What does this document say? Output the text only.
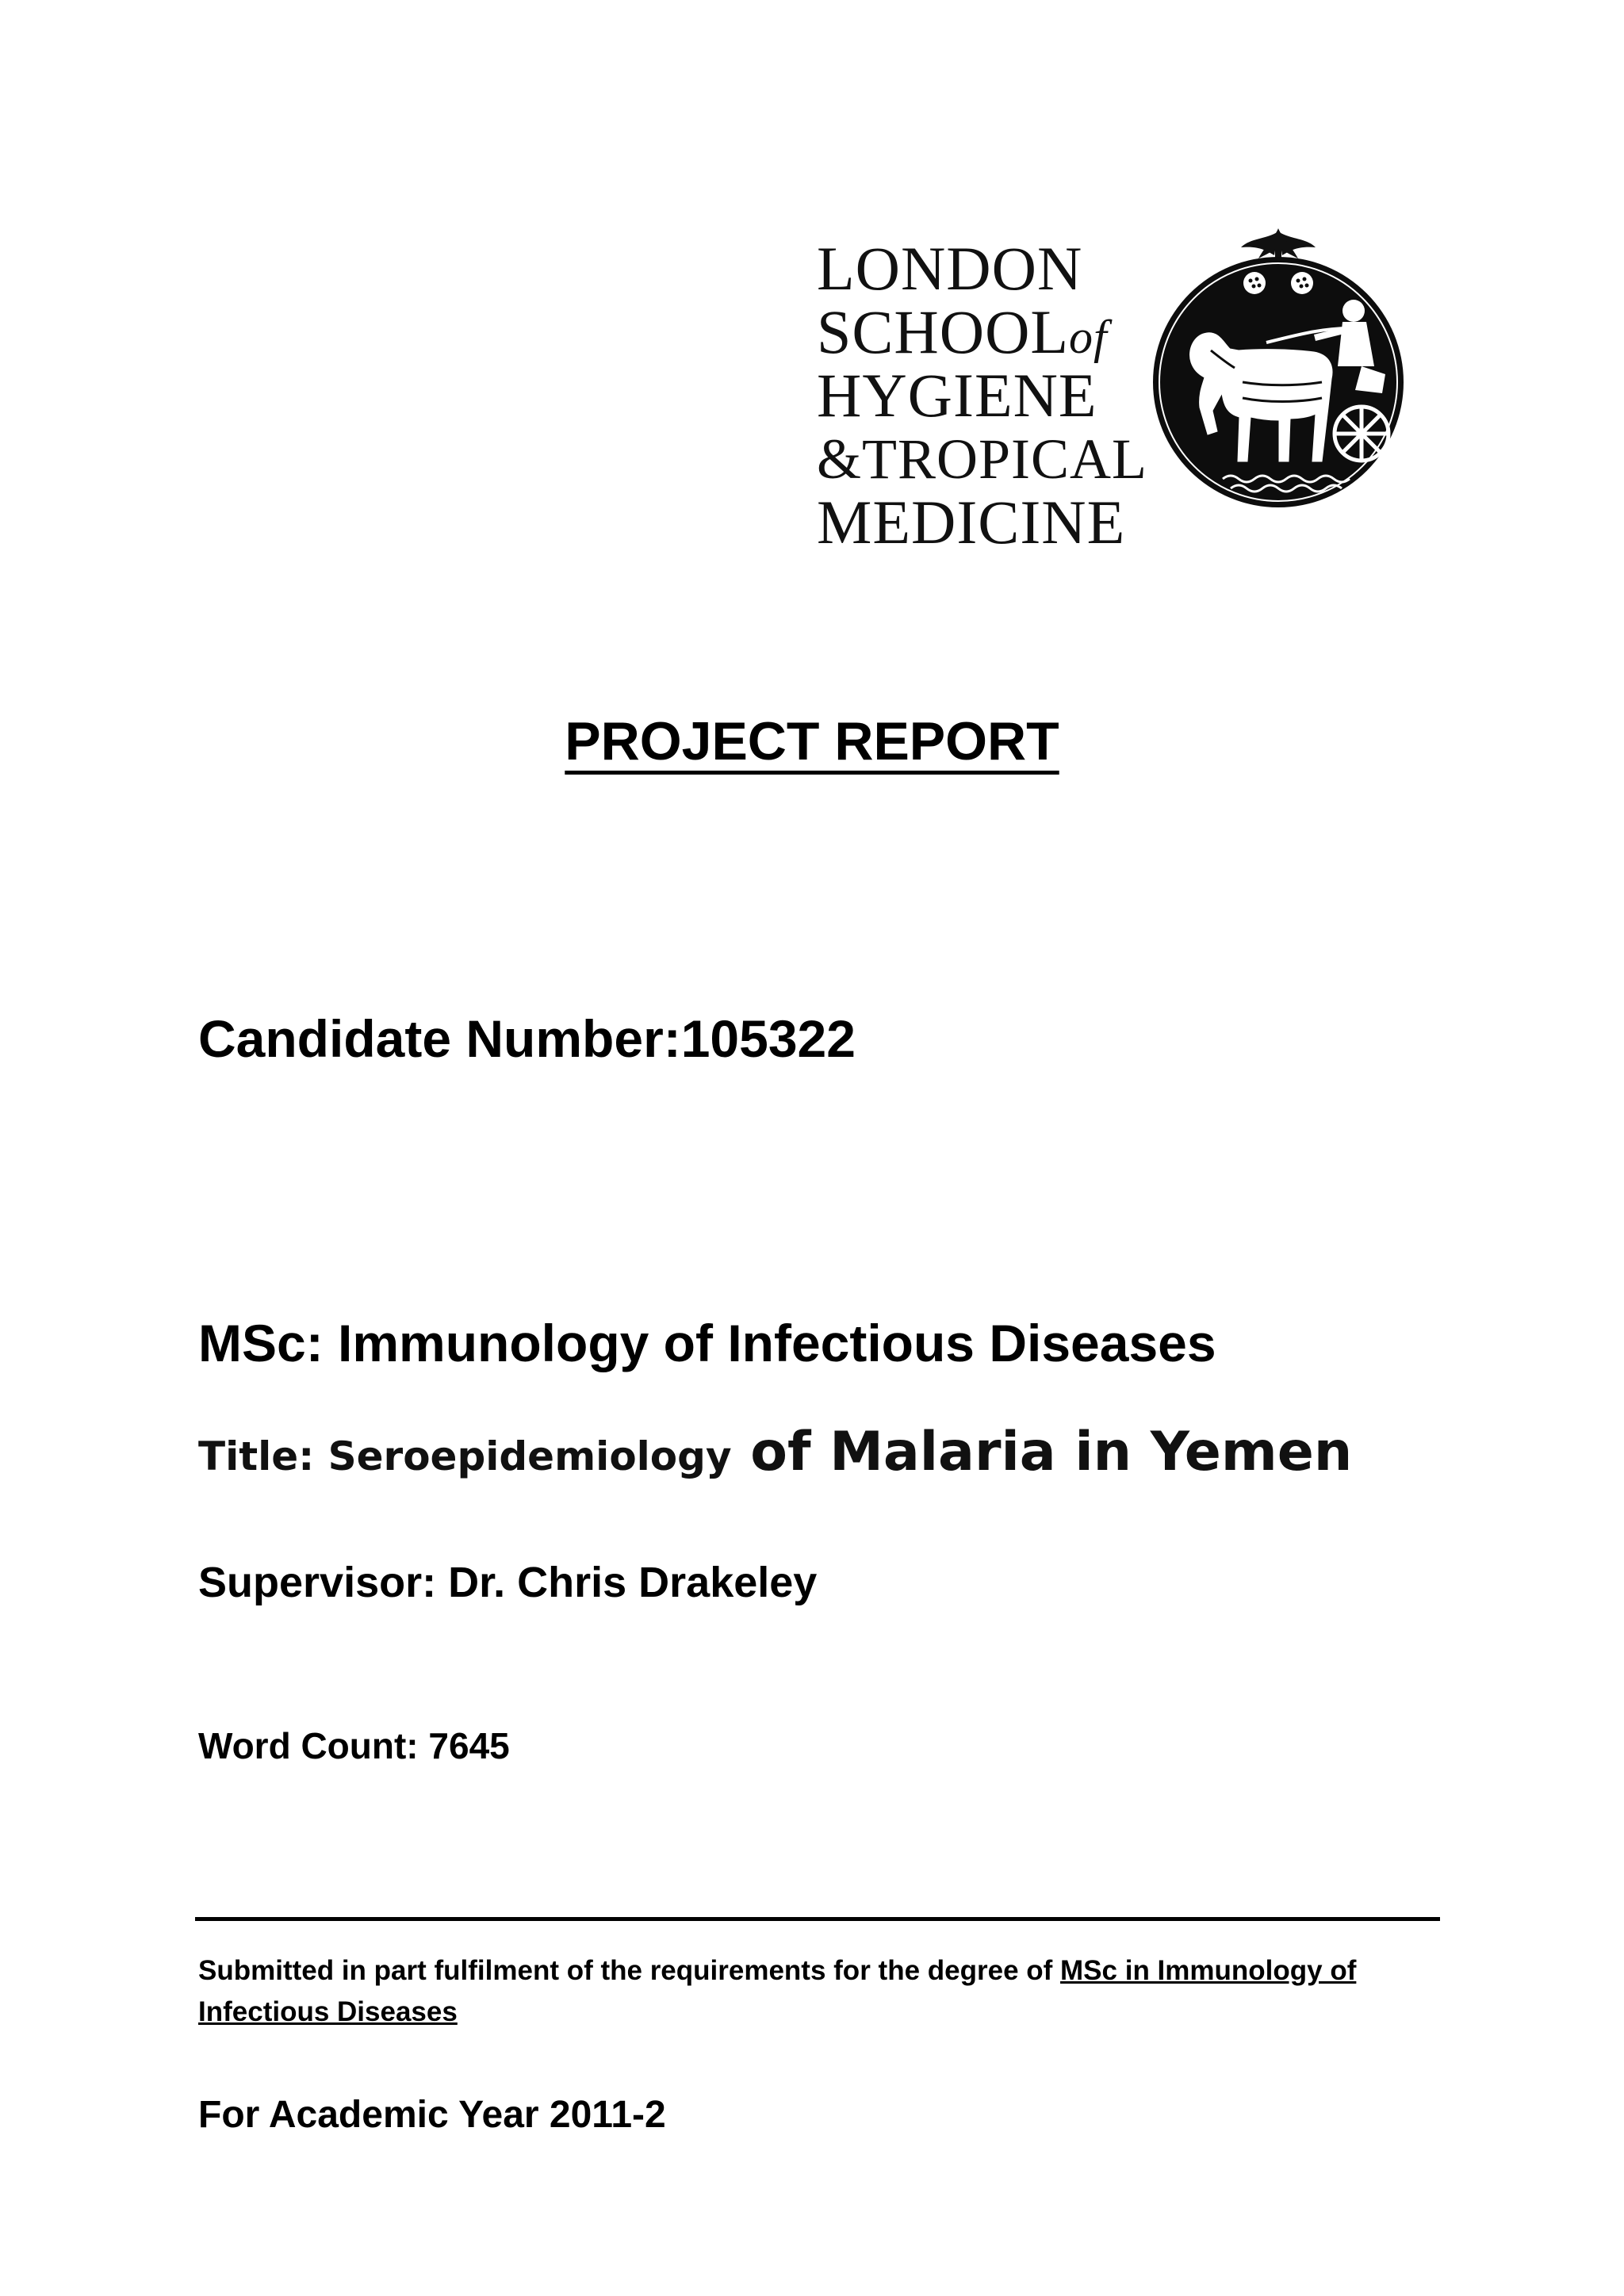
LONDON
SCHOOLof
HYGIENE
&TROPICAL
MEDICINE
PROJECT REPORT
Candidate Number:105322
MSc: Immunology of Infectious Diseases
Title: Seroepidemiology of Malaria in Yemen
Supervisor: Dr. Chris Drakeley
Word Count: 7645
Submitted in part fulfilment of the requirements for the degree of MSc in Immunology of Infectious Diseases
For Academic Year 2011-2
